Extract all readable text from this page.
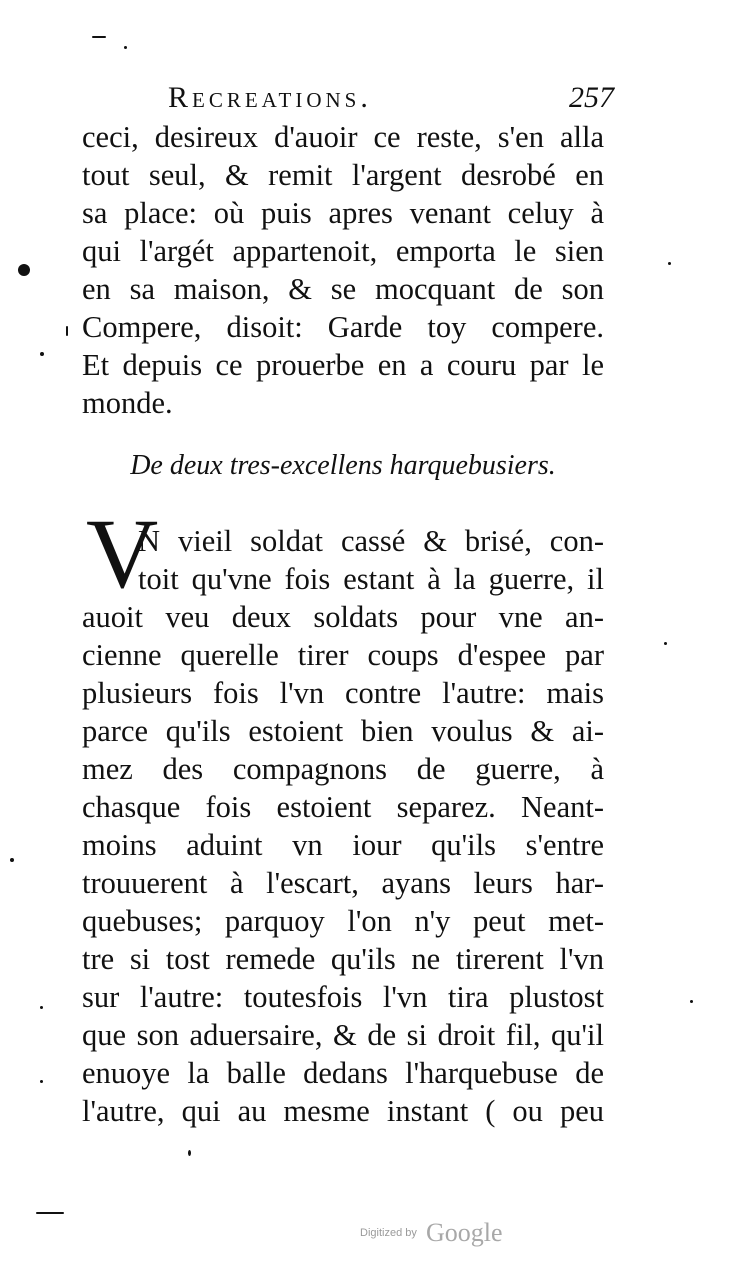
Recreations.	257
ceci, desireux d'auoir ce reste, s'en alla
tout seul, & remit l'argent desrobé en
sa place: où puis apres venant celuy à
qui l'argét appartenoit, emporta le sien
en sa maison, & se mocquant de son
Compere, disoit: Garde toy compere.
Et depuis ce prouerbe en a couru par le
monde.
De deux tres-excellens harquebusiers.
V
N vieil soldat cassé & brisé, con-
toit qu'vne fois estant à la guerre, il
auoit veu deux soldats pour vne an-
cienne querelle tirer coups d'espee par
plusieurs fois l'vn contre l'autre: mais
parce qu'ils estoient bien voulus & ai-
mez des compagnons de guerre, à
chasque fois estoient separez. Neant-
moins aduint vn iour qu'ils s'entre
trouuerent à l'escart, ayans leurs har-
quebuses; parquoy l'on n'y peut met-
tre si tost remede qu'ils ne tirerent l'vn
sur l'autre: toutesfois l'vn tira plustost
que son aduersaire, & de si droit fil, qu'il
enuoye la balle dedans l'harquebuse de
l'autre, qui au mesme instant ( ou peu
Digitized by Google
